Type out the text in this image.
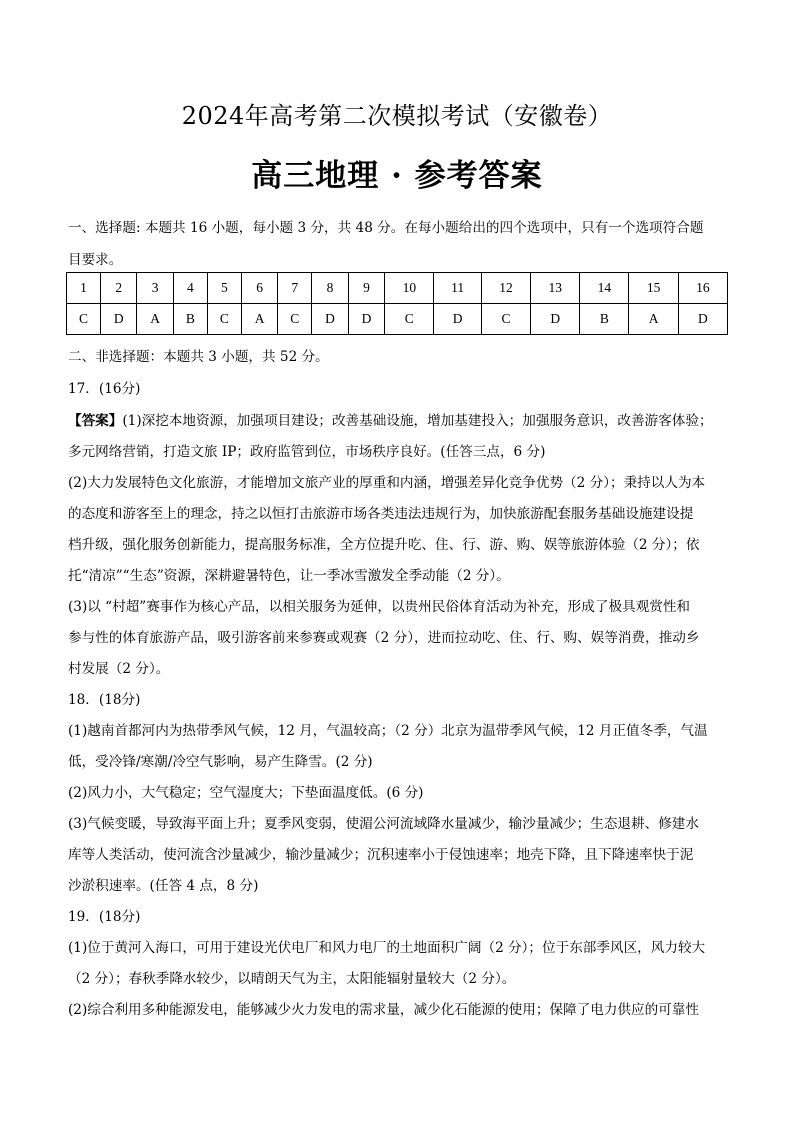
2024年高考第二次模拟考试（安徽卷）
高三地理 · 参考答案
一、选择题: 本题共 16 小题，每小题 3 分，共 48 分。在每小题给出的四个选项中，只有一个选项符合题
目要求。
1	2	3	4	5	6	7	8	9	10	11	12	13	14	15	16
C	D	A	B	C	A	C	D	D	C	D	C	D	B	A	D
二、非选择题：本题共 3 小题，共 52 分。
17．(16分)
【答案】(1)深挖本地资源，加强项目建设；改善基础设施，增加基建投入；加强服务意识，改善游客体验；
多元网络营销，打造文旅 IP；政府监管到位，市场秩序良好。(任答三点，6 分)
(2)大力发展特色文化旅游，才能增加文旅产业的厚重和内涵，增强差异化竞争优势（2 分）；秉持以人为本
的态度和游客至上的理念，持之以恒打击旅游市场各类违法违规行为，加快旅游配套服务基础设施建设提
档升级，强化服务创新能力，提高服务标准，全方位提升吃、住、行、游、购、娱等旅游体验（2 分）；依
托“清凉”“生态”资源，深耕避暑特色，让一季冰雪激发全季动能（2 分）。
(3)以 “村超”赛事作为核心产品，以相关服务为延伸，以贵州民俗体育活动为补充，形成了极具观赏性和
参与性的体育旅游产品，吸引游客前来参赛或观赛（2 分），进而拉动吃、住、行、购、娱等消费，推动乡
村发展（2 分）。
18．(18分)
(1)越南首都河内为热带季风气候，12 月，气温较高；（2 分）北京为温带季风气候，12 月正值冬季，气温
低，受冷锋/寒潮/冷空气影响，易产生降雪。(2 分)
(2)风力小，大气稳定；空气湿度大；下垫面温度低。(6 分)
(3)气候变暖，导致海平面上升；夏季风变弱，使湄公河流域降水量减少，输沙量减少；生态退耕、修建水
库等人类活动，使河流含沙量减少，输沙量减少；沉积速率小于侵蚀速率；地壳下降，且下降速率快于泥
沙淤积速率。(任答 4 点，8 分)
19．(18分)
(1)位于黄河入海口，可用于建设光伏电厂和风力电厂的土地面积广阔（2 分）；位于东部季风区，风力较大
（2 分）；春秋季降水较少，以晴朗天气为主，太阳能辐射量较大（2 分）。
(2)综合利用多种能源发电，能够减少火力发电的需求量，减少化石能源的使用；保障了电力供应的可靠性
